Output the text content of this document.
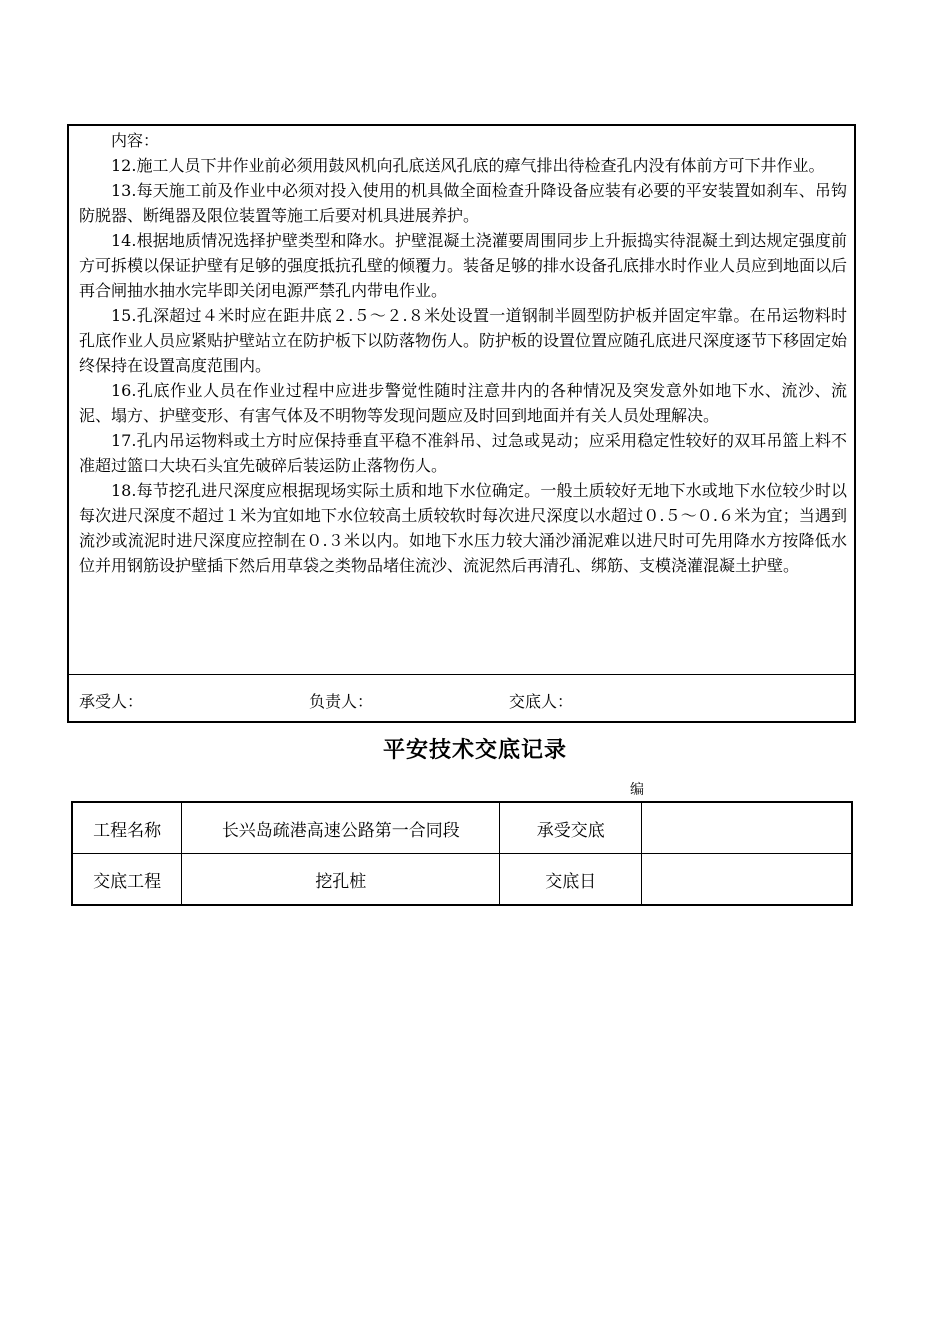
内容：

12.施工人员下井作业前必须用鼓风机向孔底送风孔底的瘴气排出待检查孔内没有体前方可下井作业。

13.每天施工前及作业中必须对投入使用的机具做全面检查升降设备应装有必要的平安装置如刹车、吊钩防脱器、断绳器及限位装置等施工后要对机具进展养护。

14.根据地质情况选择护壁类型和降水。护壁混凝土浇灌要周围同步上升振捣实待混凝土到达规定强度前方可拆模以保证护壁有足够的强度抵抗孔壁的倾覆力。装备足够的排水设备孔底排水时作业人员应到地面以后再合闸抽水抽水完毕即关闭电源严禁孔内带电作业。

15.孔深超过４米时应在距井底２.５～２.８米处设置一道钢制半圆型防护板并固定牢靠。在吊运物料时孔底作业人员应紧贴护壁站立在防护板下以防落物伤人。防护板的设置位置应随孔底进尺深度逐节下移固定始终保持在设置高度范围内。

16.孔底作业人员在作业过程中应进步警觉性随时注意井内的各种情况及突发意外如地下水、流沙、流泥、塌方、护壁变形、有害气体及不明物等发现问题应及时回到地面并有关人员处理解决。

17.孔内吊运物料或土方时应保持垂直平稳不准斜吊、过急或晃动；应采用稳定性较好的双耳吊篮上料不准超过篮口大块石头宜先破碎后装运防止落物伤人。

18.每节挖孔进尺深度应根据现场实际土质和地下水位确定。一般土质较好无地下水或地下水位较少时以每次进尺深度不超过１米为宜如地下水位较高土质较软时每次进尺深度以水超过０.５～０.６米为宜；当遇到流沙或流泥时进尺深度应控制在０.３米以内。如地下水压力较大涌沙涌泥难以进尺时可先用降水方按降低水位并用钢筋设护壁插下然后用草袋之类物品堵住流沙、流泥然后再清孔、绑筋、支模浇灌混凝土护壁。

承受人：	负责人：	交底人：
平安技术交底记录
编
工程名称	长兴岛疏港高速公路第一合同段	承受交底	
交底工程	挖孔桩	交底日	
